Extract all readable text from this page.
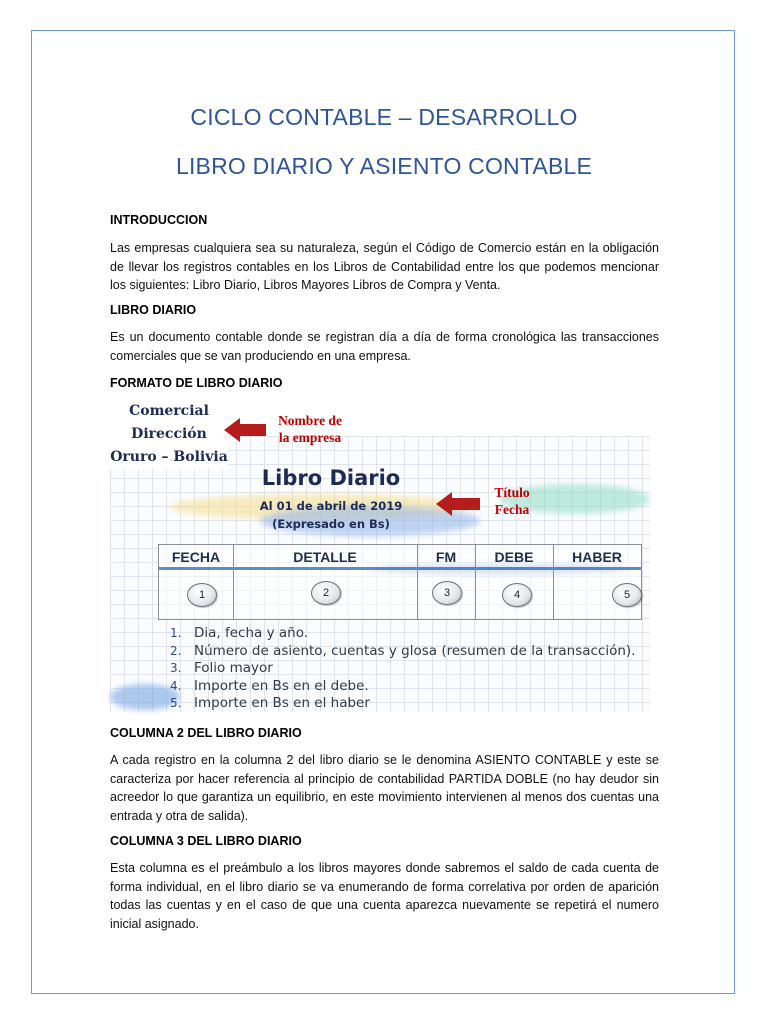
CICLO CONTABLE – DESARROLLO
LIBRO DIARIO Y ASIENTO CONTABLE
INTRODUCCION
Las empresas cualquiera sea su naturaleza, según el Código de Comercio están en la obligación de llevar los registros contables en los Libros de Contabilidad entre los que podemos mencionar los siguientes: Libro Diario, Libros Mayores Libros de Compra y Venta.
LIBRO DIARIO
Es un documento contable donde se registran día a día de forma cronológica las transacciones comerciales que se van produciendo en una empresa.
FORMATO DE LIBRO DIARIO
Comercial
Dirección
Oruro – Bolivia
Nombre de
la empresa
Libro Diario
Al 01 de abril de 2019
(Expresado en Bs)
Título
Fecha
FECHA	DETALLE	FM	DEBE	HABER
1	2	3	4	5
1. Dia, fecha y año.
2. Número de asiento, cuentas y glosa (resumen de la transacción).
3. Folio mayor
4. Importe en Bs en el debe.
5. Importe en Bs en el haber
COLUMNA 2 DEL LIBRO DIARIO
A cada registro en la columna 2 del libro diario se le denomina ASIENTO CONTABLE y este se caracteriza por hacer referencia al principio de contabilidad PARTIDA DOBLE (no hay deudor sin acreedor lo que garantiza un equilibrio, en este movimiento intervienen al menos dos cuentas una entrada y otra de salida).
COLUMNA 3 DEL LIBRO DIARIO
Esta columna es el preámbulo a los libros mayores donde sabremos el saldo de cada cuenta de forma individual, en el libro diario se va enumerando de forma correlativa por orden de aparición todas las cuentas y en el caso de que una cuenta aparezca nuevamente se repetirá el numero inicial asignado.
